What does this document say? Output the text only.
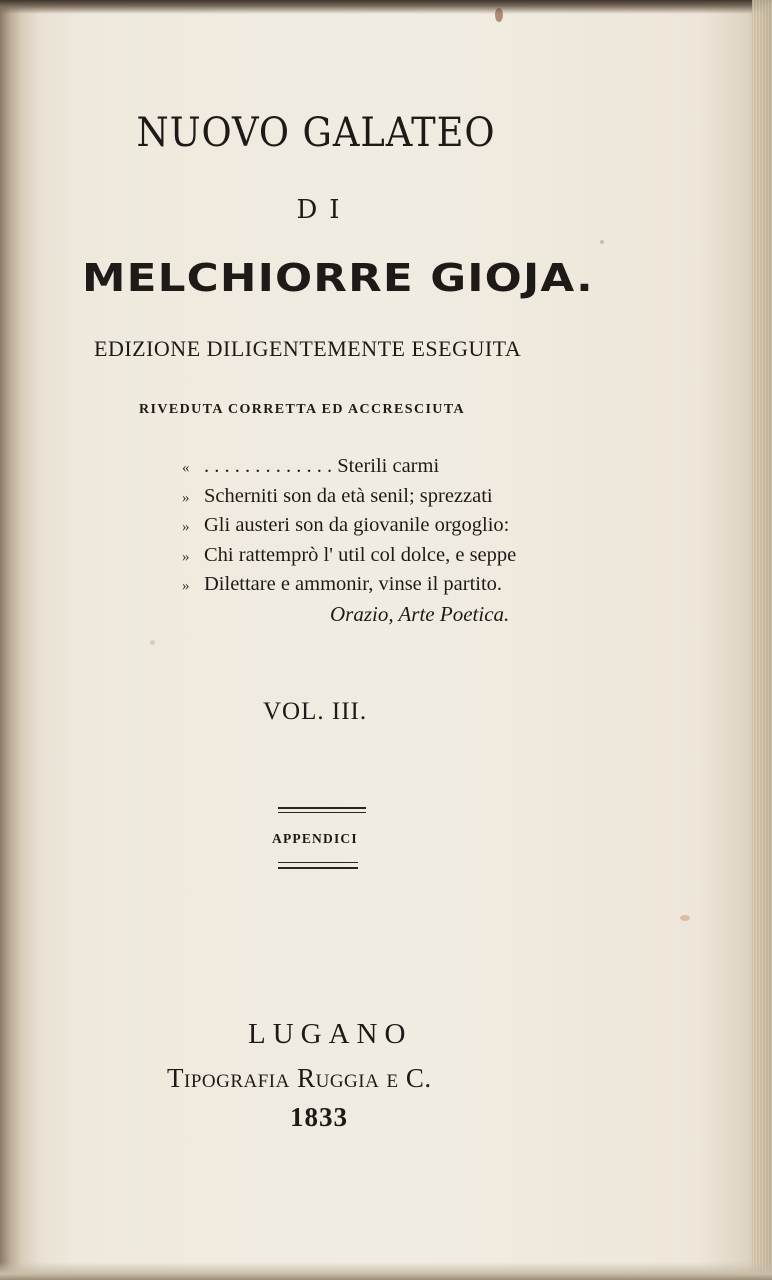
NUOVO GALATEO
DI
MELCHIORRE GIOJA.
EDIZIONE DILIGENTEMENTE ESEGUITA
RIVEDUTA CORRETTA ED ACCRESCIUTA
« . . . . . . . . . . . . . Sterili carmi
» Scherniti son da età senil; sprezzati
» Gli austeri son da giovanile orgoglio:
» Chi rattemprò l' util col dolce, e seppe
» Dilettare e ammonir, vinse il partito.
Orazio, Arte Poetica.
VOL. III.
APPENDICI
LUGANO
Tipografia Ruggia e C.
1833
